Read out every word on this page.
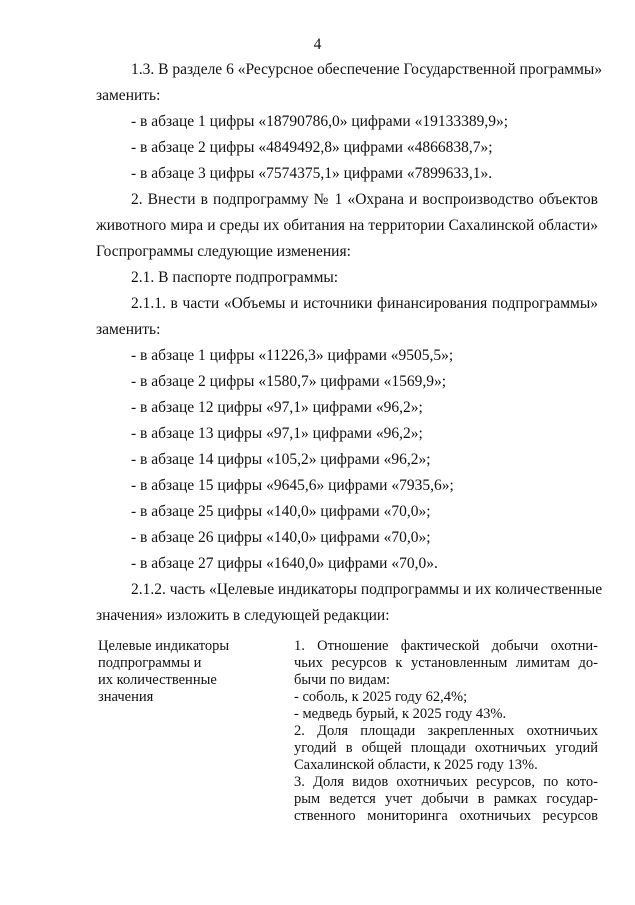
4
1.3. В разделе 6 «Ресурсное обеспечение Государственной программы»
заменить:
- в абзаце 1 цифры «18790786,0» цифрами «19133389,9»;
- в абзаце 2 цифры «4849492,8» цифрами «4866838,7»;
- в абзаце 3 цифры «7574375,1» цифрами «7899633,1».
2. Внести в подпрограмму № 1 «Охрана и воспроизводство объектов
животного мира и среды их обитания на территории Сахалинской области»
Госпрограммы следующие изменения:
2.1. В паспорте подпрограммы:
2.1.1. в части «Объемы и источники финансирования подпрограммы»
заменить:
- в абзаце 1 цифры «11226,3» цифрами «9505,5»;
- в абзаце 2 цифры «1580,7» цифрами «1569,9»;
- в абзаце 12 цифры «97,1» цифрами «96,2»;
- в абзаце 13 цифры «97,1» цифрами «96,2»;
- в абзаце 14 цифры «105,2» цифрами «96,2»;
- в абзаце 15 цифры «9645,6» цифрами «7935,6»;
- в абзаце 25 цифры «140,0» цифрами «70,0»;
- в абзаце 26 цифры «140,0» цифрами «70,0»;
- в абзаце 27 цифры «1640,0» цифрами «70,0».
2.1.2. часть «Целевые индикаторы подпрограммы и их количественные
значения» изложить в следующей редакции:
Целевые индикаторы
подпрограммы и
их количественные
значения
1. Отношение фактической добычи охотни-
чьих ресурсов к установленным лимитам до-
бычи по видам:
- соболь, к 2025 году 62,4%;
- медведь бурый, к 2025 году 43%.
2. Доля площади закрепленных охотничьих
угодий в общей площади охотничьих угодий
Сахалинской области, к 2025 году 13%.
3. Доля видов охотничьих ресурсов, по кото-
рым ведется учет добычи в рамках государ-
ственного мониторинга охотничьих ресурсов
